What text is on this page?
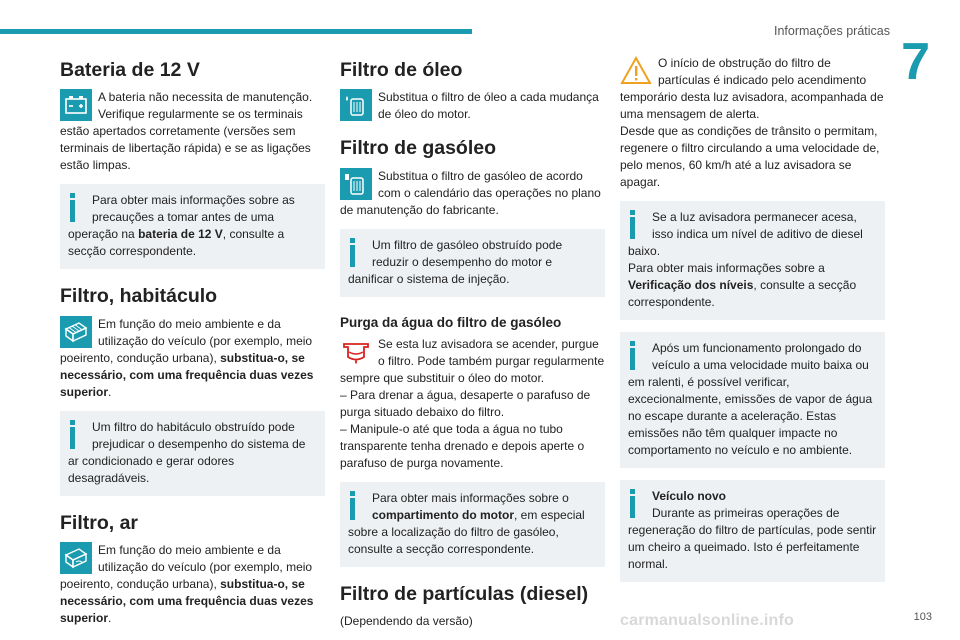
Informações práticas
7
Bateria de 12 V
A bateria não necessita de manutenção. Verifique regularmente se os terminais estão apertados corretamente (versões sem terminais de libertação rápida) e se as ligações estão limpas.
Para obter mais informações sobre as precauções a tomar antes de uma operação na bateria de 12 V, consulte a secção correspondente.
Filtro, habitáculo
Em função do meio ambiente e da utilização do veículo (por exemplo, meio poeirento, condução urbana), substitua-o, se necessário, com uma frequência duas vezes superior.
Um filtro do habitáculo obstruído pode prejudicar o desempenho do sistema de ar condicionado e gerar odores desagradáveis.
Filtro, ar
Em função do meio ambiente e da utilização do veículo (por exemplo, meio poeirento, condução urbana), substitua-o, se necessário, com uma frequência duas vezes superior.
Filtro de óleo
Substitua o filtro de óleo a cada mudança de óleo do motor.
Filtro de gasóleo
Substitua o filtro de gasóleo de acordo com o calendário das operações no plano de manutenção do fabricante.
Um filtro de gasóleo obstruído pode reduzir o desempenho do motor e danificar o sistema de injeção.
Purga da água do filtro de gasóleo
Se esta luz avisadora se acender, purgue o filtro. Pode também purgar regularmente sempre que substituir o óleo do motor.
– Para drenar a água, desaperte o parafuso de purga situado debaixo do filtro.
– Manipule-o até que toda a água no tubo transparente tenha drenado e depois aperte o parafuso de purga novamente.
Para obter mais informações sobre o compartimento do motor, em especial sobre a localização do filtro de gasóleo, consulte a secção correspondente.
Filtro de partículas (diesel)
(Dependendo da versão)
O início de obstrução do filtro de partículas é indicado pelo acendimento temporário desta luz avisadora, acompanhada de uma mensagem de alerta.
Desde que as condições de trânsito o permitam, regenere o filtro circulando a uma velocidade de, pelo menos, 60 km/h até a luz avisadora se apagar.
Se a luz avisadora permanecer acesa, isso indica um nível de aditivo de diesel baixo.
Para obter mais informações sobre a Verificação dos níveis, consulte a secção correspondente.
Após um funcionamento prolongado do veículo a uma velocidade muito baixa ou em ralenti, é possível verificar, excecionalmente, emissões de vapor de água no escape durante a aceleração. Estas emissões não têm qualquer impacte no comportamento no veículo e no ambiente.
Veículo novo
Durante as primeiras operações de regeneração do filtro de partículas, pode sentir um cheiro a queimado. Isto é perfeitamente normal.
carmanualsonline.info	103
